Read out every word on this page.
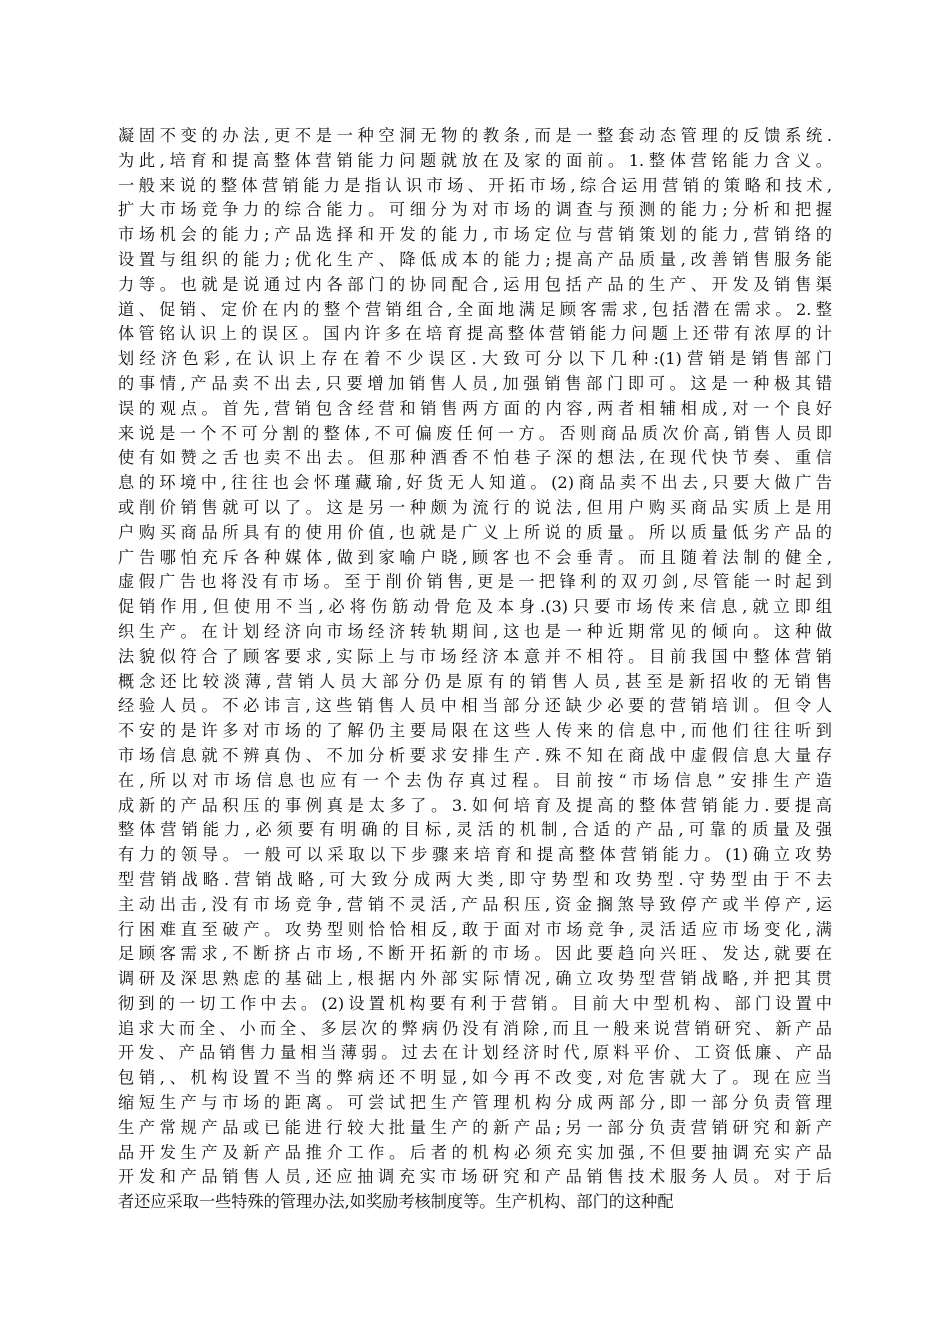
凝固不变的办法,更不是一种空洞无物的教条,而是一整套动态管理的反馈系统.
为此,培育和提高整体营销能力问题就放在及家的面前。1.整体营铭能力含义。
一般来说的整体营销能力是指认识市场、开拓市场,综合运用营销的策略和技术,
扩大市场竞争力的综合能力。可细分为对市场的调查与预测的能力;分析和把握
市场机会的能力;产品选择和开发的能力,市场定位与营销策划的能力,营销络的
设置与组织的能力;优化生产、降低成本的能力;提高产品质量,改善销售服务能
力等。也就是说通过内各部门的协同配合,运用包括产品的生产、开发及销售渠
道、促销、定价在内的整个营销组合,全面地满足顾客需求,包括潜在需求。2.整
体管铭认识上的误区。国内许多在培育提高整体营销能力问题上还带有浓厚的计
划经济色彩,在认识上存在着不少误区.大致可分以下几种:(1)营销是销售部门
的事情,产品卖不出去,只要增加销售人员,加强销售部门即可。这是一种极其错
误的观点。首先,营销包含经营和销售两方面的内容,两者相辅相成,对一个良好
来说是一个不可分割的整体,不可偏废任何一方。否则商品质次价高,销售人员即
使有如赞之舌也卖不出去。但那种酒香不怕巷子深的想法,在现代快节奏、重信
息的环境中,往往也会怀瑾藏瑜,好货无人知道。(2)商品卖不出去,只要大做广告
或削价销售就可以了。这是另一种颇为流行的说法,但用户购买商品实质上是用
户购买商品所具有的使用价值,也就是广义上所说的质量。所以质量低劣产品的
广告哪怕充斥各种媒体,做到家喻户晓,顾客也不会垂青。而且随着法制的健全,
虚假广告也将没有市场。至于削价销售,更是一把锋利的双刃剑,尽管能一时起到
促销作用,但使用不当,必将伤筋动骨危及本身.(3)只要市场传来信息,就立即组
织生产。在计划经济向市场经济转轨期间,这也是一种近期常见的倾向。这种做
法貌似符合了顾客要求,实际上与市场经济本意并不相符。目前我国中整体营销
概念还比较淡薄,营销人员大部分仍是原有的销售人员,甚至是新招收的无销售
经验人员。不必讳言,这些销售人员中相当部分还缺少必要的营销培训。但令人
不安的是许多对市场的了解仍主要局限在这些人传来的信息中,而他们往往听到
市场信息就不辨真伪、不加分析要求安排生产.殊不知在商战中虚假信息大量存
在,所以对市场信息也应有一个去伪存真过程。目前按“市场信息”安排生产造
成新的产品积压的事例真是太多了。3.如何培育及提高的整体营销能力.要提高
整体营销能力,必须要有明确的目标,灵活的机制,合适的产品,可靠的质量及强
有力的领导。一般可以采取以下步骤来培育和提高整体营销能力。(1)确立攻势
型营销战略.营销战略,可大致分成两大类,即守势型和攻势型.守势型由于不去
主动出击,没有市场竞争,营销不灵活,产品积压,资金搁煞导致停产或半停产,运
行困难直至破产。攻势型则恰恰相反,敢于面对市场竞争,灵活适应市场变化,满
足顾客需求,不断挤占市场,不断开拓新的市场。因此要趋向兴旺、发达,就要在
调研及深思熟虑的基础上,根据内外部实际情况,确立攻势型营销战略,并把其贯
彻到的一切工作中去。(2)设置机构要有利于营销。目前大中型机构、部门设置中
追求大而全、小而全、多层次的弊病仍没有消除,而且一般来说营销研究、新产品
开发、产品销售力量相当薄弱。过去在计划经济时代,原料平价、工资低廉、产品
包销,、机构设置不当的弊病还不明显,如今再不改变,对危害就大了。现在应当
缩短生产与市场的距离。可尝试把生产管理机构分成两部分,即一部分负责管理
生产常规产品或已能进行较大批量生产的新产品;另一部分负责营销研究和新产
品开发生产及新产品推介工作。后者的机构必须充实加强,不但要抽调充实产品
开发和产品销售人员,还应抽调充实市场研究和产品销售技术服务人员。对于后
者还应采取一些特殊的管理办法,如奖励考核制度等。生产机构、部门的这种配
